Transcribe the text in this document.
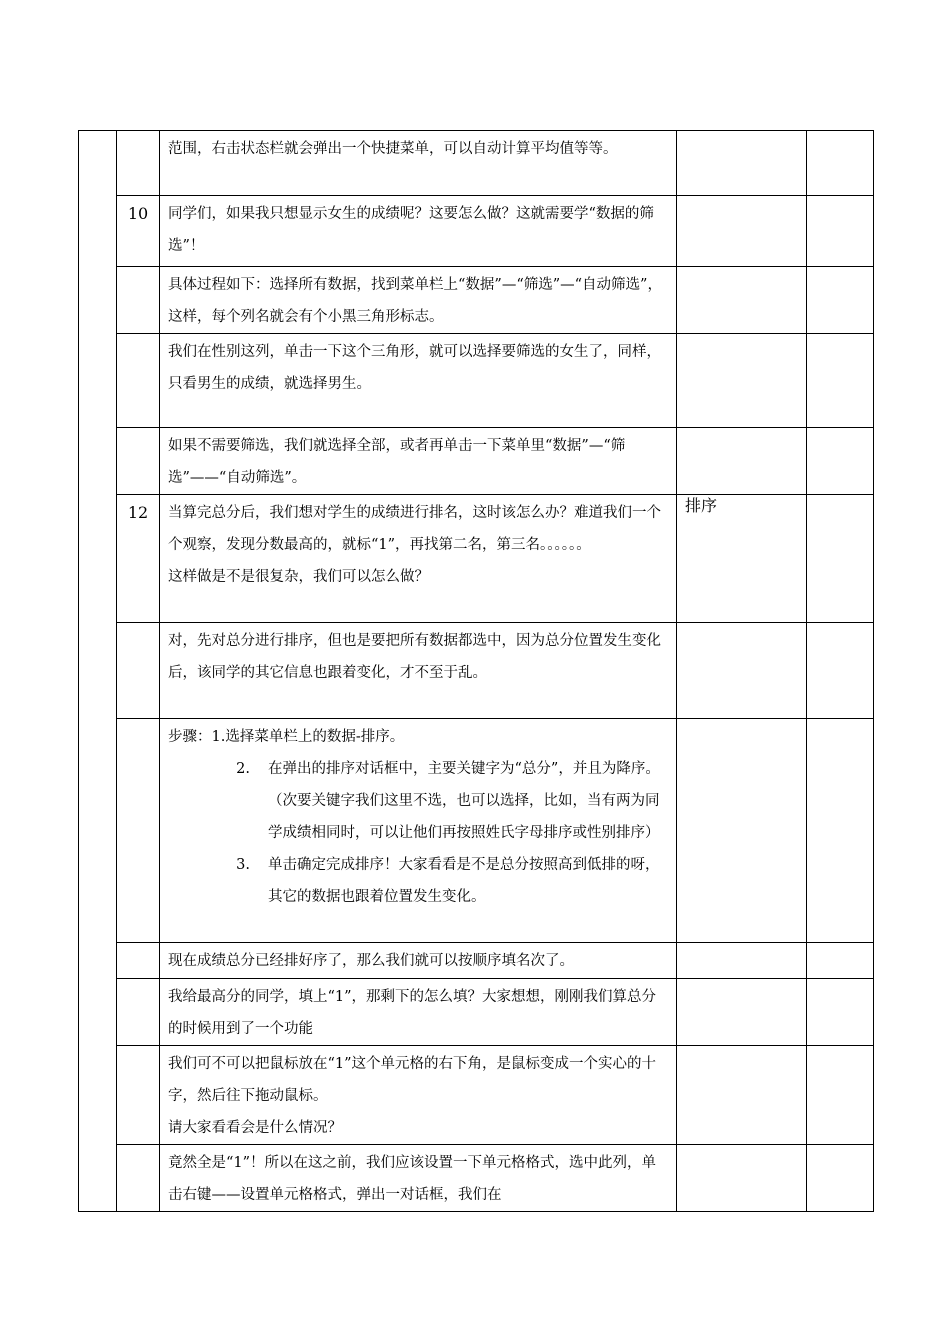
		范围，右击状态栏就会弹出一个快捷菜单，可以自动计算平均值等等。		

	10	同学们，如果我只想显示女生的成绩呢？这要怎么做？这就需要学“数据的筛选”！		

		具体过程如下：选择所有数据，找到菜单栏上“数据”—“筛选”—“自动筛选”，这样，每个列名就会有个小黑三角形标志。		

		我们在性别这列，单击一下这个三角形，就可以选择要筛选的女生了，同样，只看男生的成绩，就选择男生。		

		如果不需要筛选，我们就选择全部，或者再单击一下菜单里“数据”—“筛选”——“自动筛选”。		

	12	当算完总分后，我们想对学生的成绩进行排名，这时该怎么办？难道我们一个个观察，发现分数最高的，就标“1”，再找第二名，第三名。。。。。。
这样做是不是很复杂，我们可以怎么做？	排序	

		对，先对总分进行排序，但也是要把所有数据都选中，因为总分位置发生变化后，该同学的其它信息也跟着变化，才不至于乱。		

		步骤：1.选择菜单栏上的数据-排序。
2. 在弹出的排序对话框中，主要关键字为“总分”，并且为降序。（次要关键字我们这里不选，也可以选择，比如，当有两为同学成绩相同时，可以让他们再按照姓氏字母排序或性别排序）
3. 单击确定完成排序！大家看看是不是总分按照高到低排的呀，其它的数据也跟着位置发生变化。		

		现在成绩总分已经排好序了，那么我们就可以按顺序填名次了。		

		我给最高分的同学，填上“1”，那剩下的怎么填？大家想想，刚刚我们算总分的时候用到了一个功能		

		我们可不可以把鼠标放在“1”这个单元格的右下角，是鼠标变成一个实心的十字，然后往下拖动鼠标。
请大家看看会是什么情况？		

		竟然全是“1”！所以在这之前，我们应该设置一下单元格格式，选中此列，单击右键——设置单元格格式，弹出一对话框，我们在		
